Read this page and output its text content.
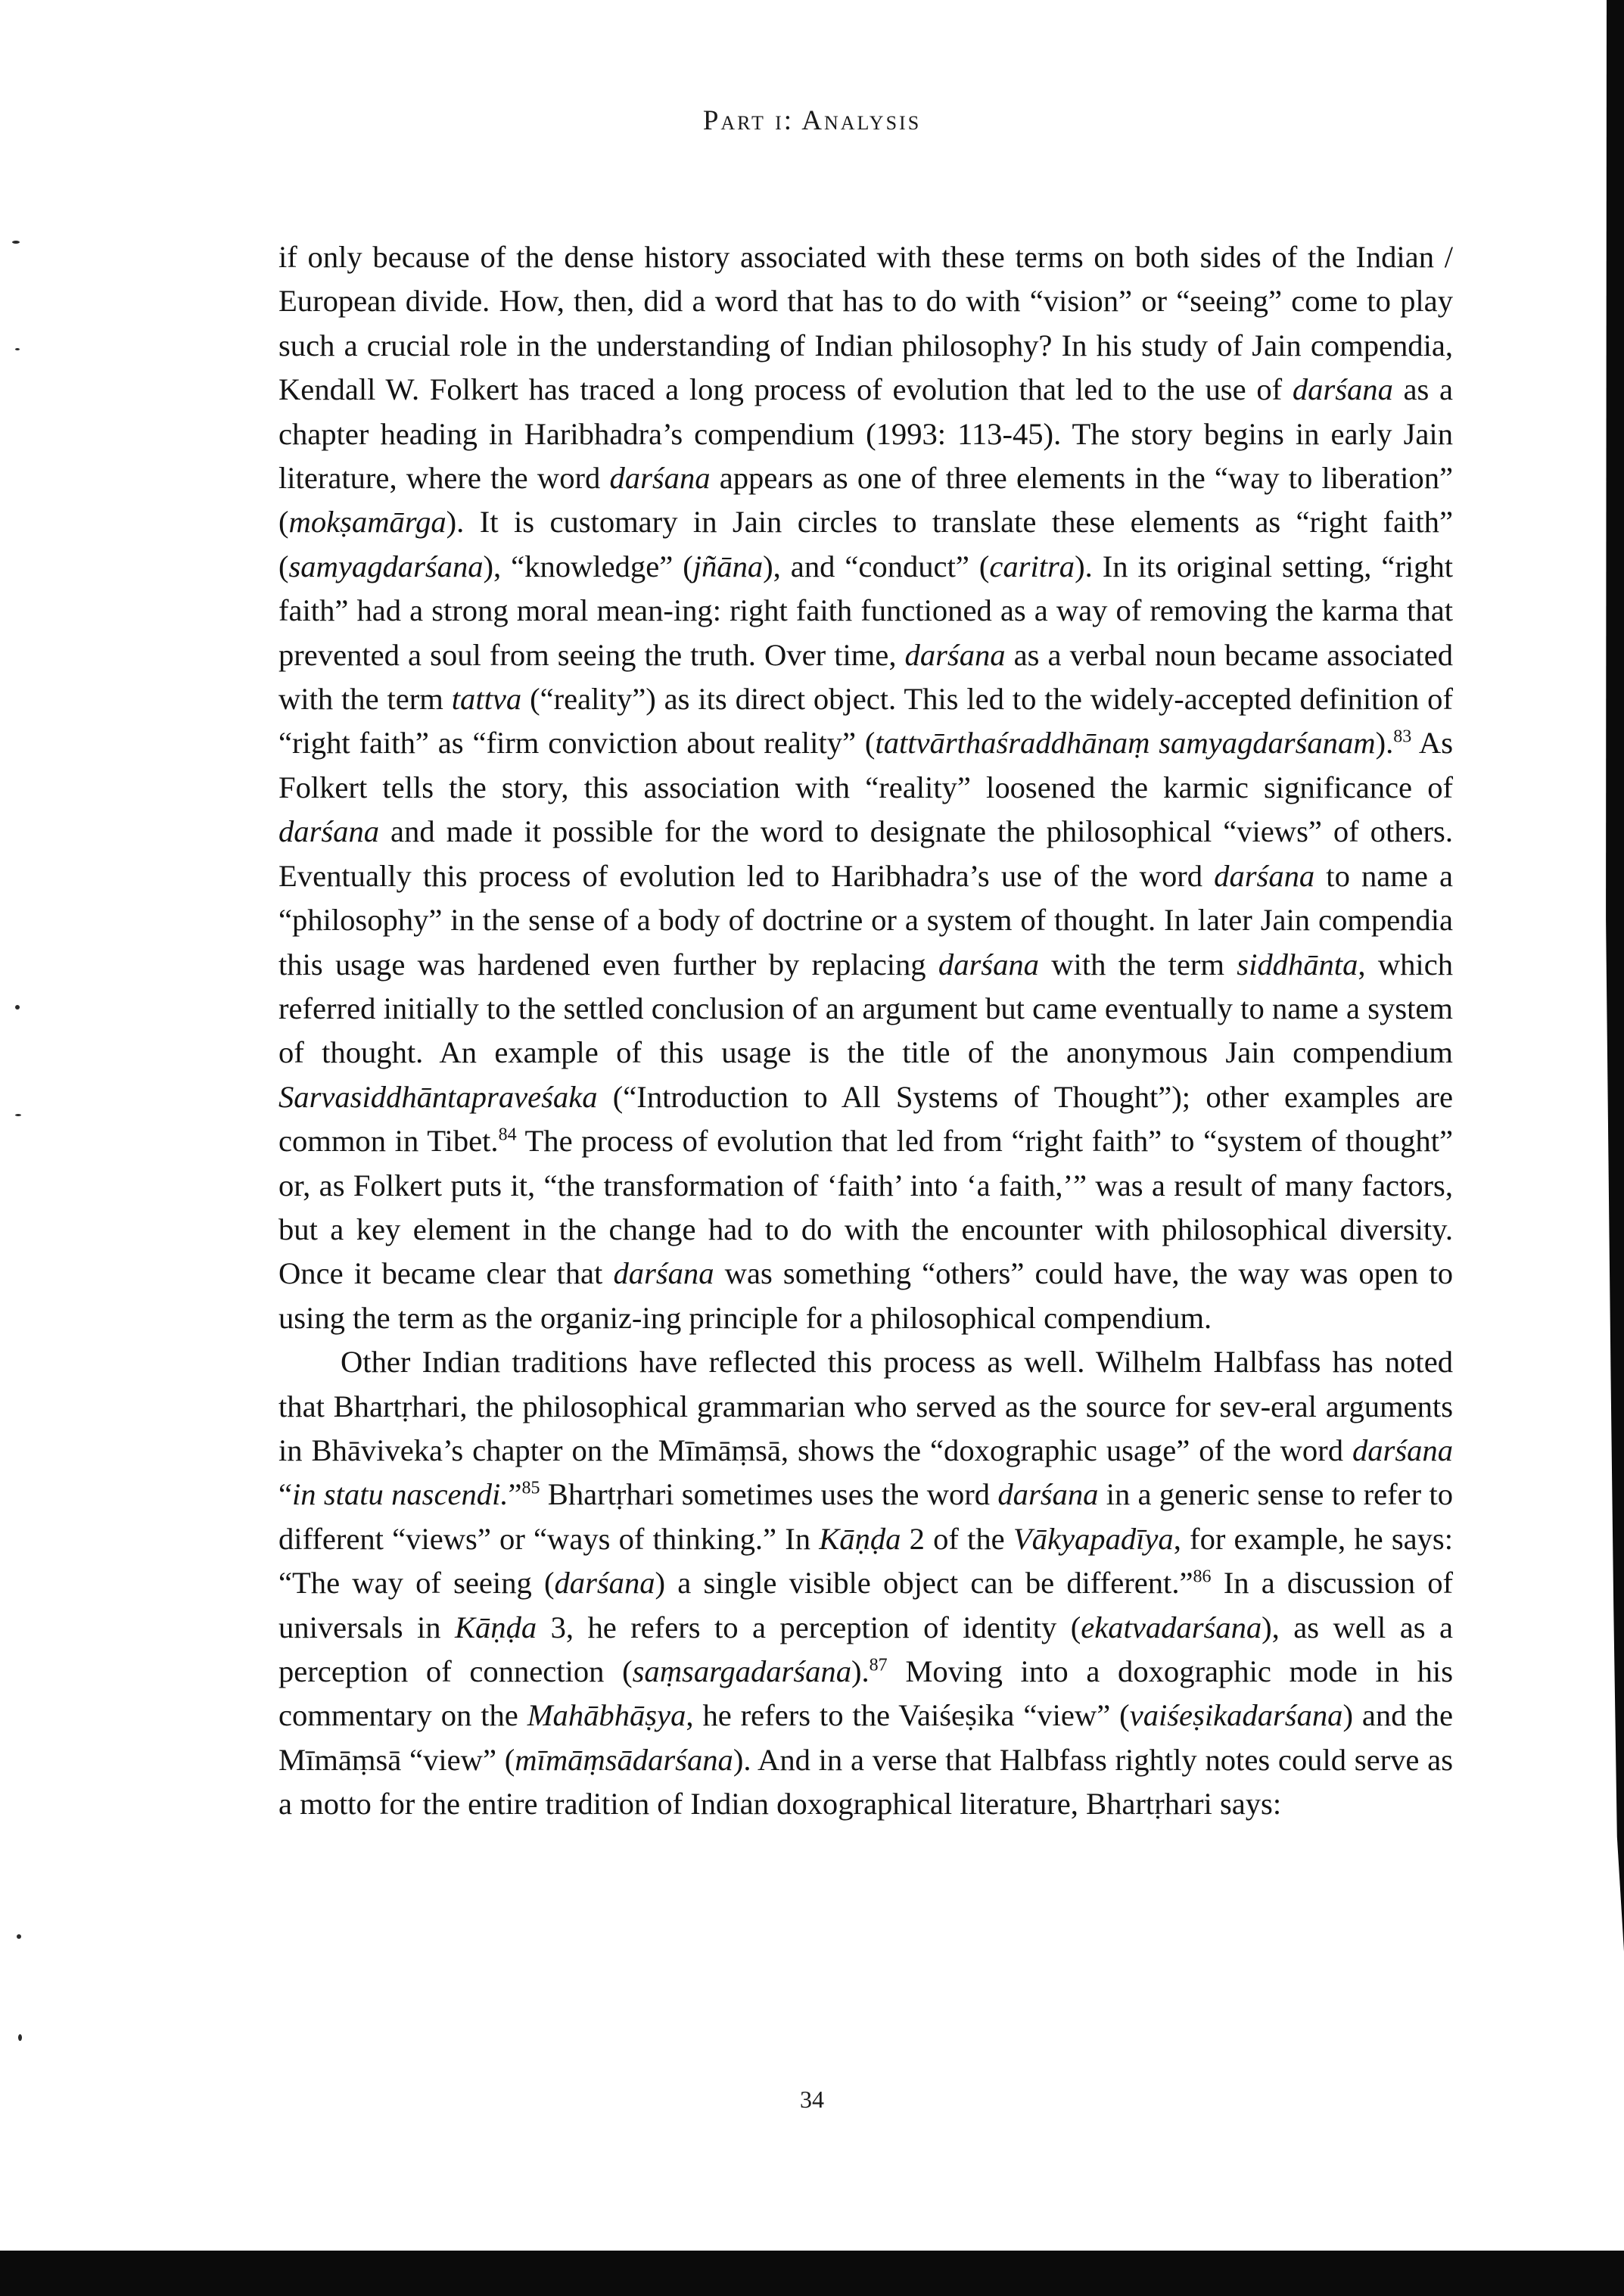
Part i: Analysis

if only because of the dense history associated with these terms on both sides of the Indian / European divide. How, then, did a word that has to do with “vision” or “seeing” come to play such a crucial role in the understanding of Indian philosophy? In his study of Jain compendia, Kendall W. Folkert has traced a long process of evolution that led to the use of darśana as a chapter heading in Haribhadra’s compendium (1993: 113-45). The story begins in early Jain literature, where the word darśana appears as one of three elements in the “way to liberation” (mokṣamārga). It is customary in Jain circles to translate these elements as “right faith” (samyagdarśana), “knowledge” (jñāna), and “conduct” (caritra). In its original setting, “right faith” had a strong moral mean-ing: right faith functioned as a way of removing the karma that prevented a soul from seeing the truth. Over time, darśana as a verbal noun became associated with the term tattva (“reality”) as its direct object. This led to the widely-accepted definition of “right faith” as “firm conviction about reality” (tattvārthaśraddhānaṃ samyagdarśanam).$^{83}$ As Folkert tells the story, this association with “reality” loosened the karmic significance of darśana and made it possible for the word to designate the philosophical “views” of others. Eventually this process of evolution led to Haribhadra’s use of the word darśana to name a “philosophy” in the sense of a body of doctrine or a system of thought. In later Jain compendia this usage was hardened even further by replacing darśana with the term siddhānta, which referred initially to the settled conclusion of an argument but came eventually to name a system of thought. An example of this usage is the title of the anonymous Jain compendium Sarvasiddhāntapraveśaka (“Introduction to All Systems of Thought”); other examples are common in Tibet.$^{84}$ The process of evolution that led from “right faith” to “system of thought” or, as Folkert puts it, “the transformation of ‘faith’ into ‘a faith,’” was a result of many factors, but a key element in the change had to do with the encounter with philosophical diversity. Once it became clear that darśana was something “others” could have, the way was open to using the term as the organiz-ing principle for a philosophical compendium.

Other Indian traditions have reflected this process as well. Wilhelm Halbfass has noted that Bhartṛhari, the philosophical grammarian who served as the source for sev-eral arguments in Bhāviveka’s chapter on the Mīmāṃsā, shows the “doxographic usage” of the word darśana “in statu nascendi.”$^{85}$ Bhartṛhari sometimes uses the word darśana in a generic sense to refer to different “views” or “ways of thinking.” In Kāṇḍa 2 of the Vākyapadīya, for example, he says: “The way of seeing (darśana) a single visible object can be different.”$^{86}$ In a discussion of universals in Kāṇḍa 3, he refers to a perception of identity (ekatvadarśana), as well as a perception of connection (saṃsargadarśana).$^{87}$ Moving into a doxographic mode in his commentary on the Mahābhāṣya, he refers to the Vaiśeṣika “view” (vaiśeṣikadarśana) and the Mīmāṃsā “view” (mīmāṃsādarśana). And in a verse that Halbfass rightly notes could serve as a motto for the entire tradition of Indian doxographical literature, Bhartṛhari says:

34
